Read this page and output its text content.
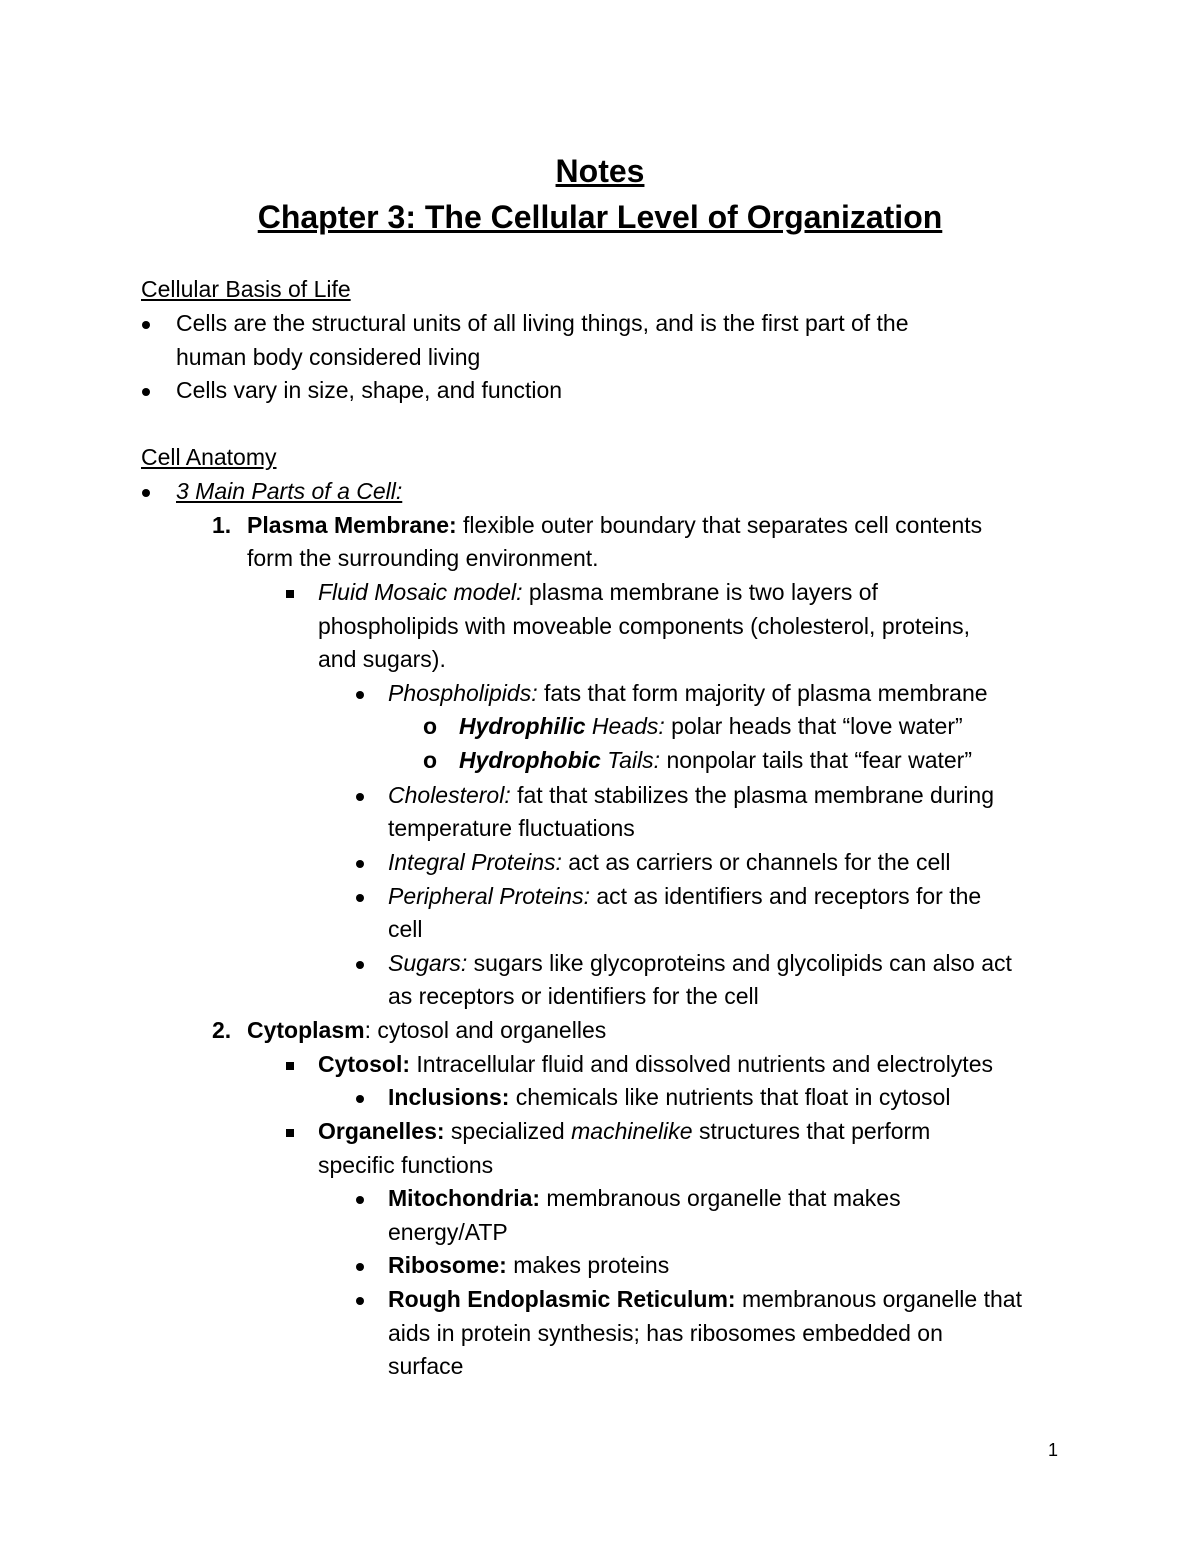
Notes

Chapter 3: The Cellular Level of Organization

Cellular Basis of Life

Cells are the structural units of all living things, and is the first part of the

human body considered living

Cells vary in size, shape, and function

Cell Anatomy

3 Main Parts of a Cell:

1. Plasma Membrane: flexible outer boundary that separates cell contents

form the surrounding environment.

Fluid Mosaic model: plasma membrane is two layers of

phospholipids with moveable components (cholesterol, proteins,

and sugars).

Phospholipids: fats that form majority of plasma membrane

o Hydrophilic Heads: polar heads that “love water”

o Hydrophobic Tails: nonpolar tails that “fear water”

Cholesterol: fat that stabilizes the plasma membrane during

temperature fluctuations

Integral Proteins: act as carriers or channels for the cell

Peripheral Proteins: act as identifiers and receptors for the

cell

Sugars: sugars like glycoproteins and glycolipids can also act

as receptors or identifiers for the cell

2. Cytoplasm: cytosol and organelles

Cytosol: Intracellular fluid and dissolved nutrients and electrolytes

Inclusions: chemicals like nutrients that float in cytosol

Organelles: specialized machinelike structures that perform

specific functions

Mitochondria: membranous organelle that makes

energy/ATP

Ribosome: makes proteins

Rough Endoplasmic Reticulum: membranous organelle that

aids in protein synthesis; has ribosomes embedded on

surface

1
